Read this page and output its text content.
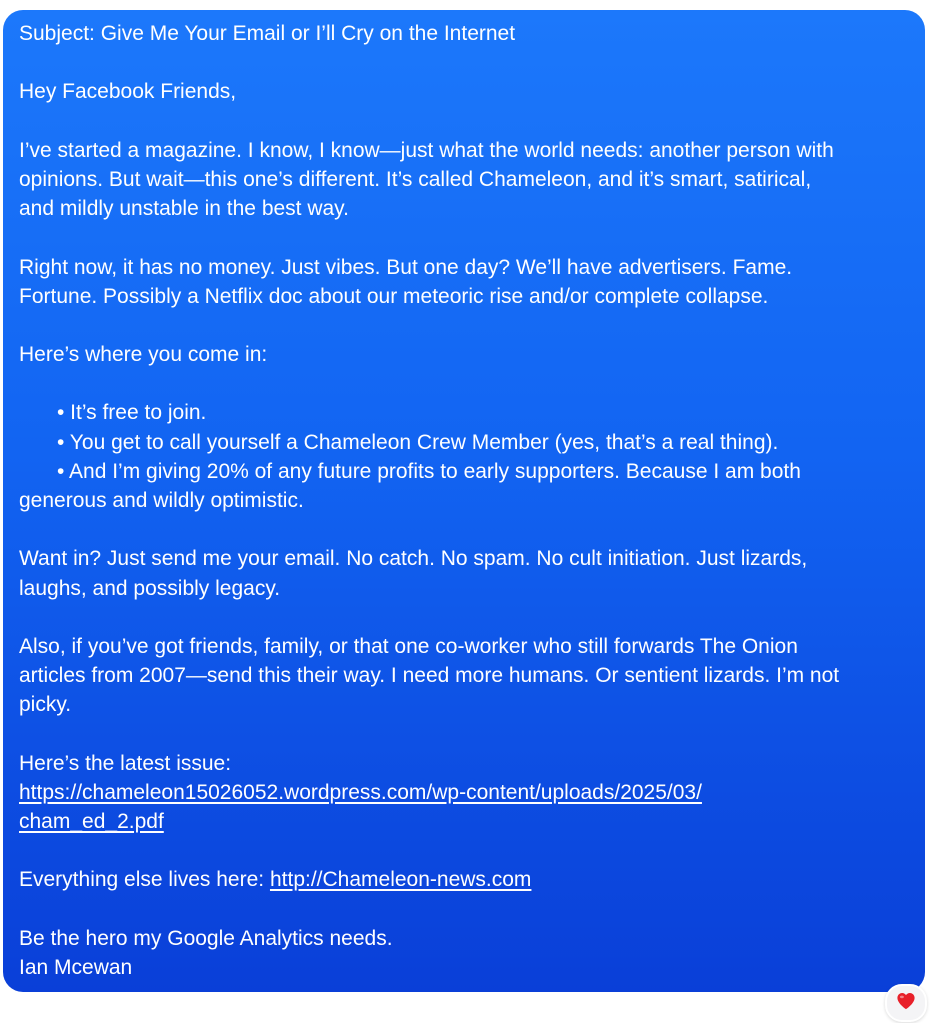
Subject: Give Me Your Email or I’ll Cry on the Internet
Hey Facebook Friends,
I’ve started a magazine. I know, I know—just what the world needs: another person with
opinions. But wait—this one’s different. It’s called Chameleon, and it’s smart, satirical,
and mildly unstable in the best way.
Right now, it has no money. Just vibes. But one day? We’ll have advertisers. Fame.
Fortune. Possibly a Netflix doc about our meteoric rise and/or complete collapse.
Here’s where you come in:
• It’s free to join.
• You get to call yourself a Chameleon Crew Member (yes, that’s a real thing).
• And I’m giving 20% of any future profits to early supporters. Because I am both
generous and wildly optimistic.
Want in? Just send me your email. No catch. No spam. No cult initiation. Just lizards,
laughs, and possibly legacy.
Also, if you’ve got friends, family, or that one co-worker who still forwards The Onion
articles from 2007—send this their way. I need more humans. Or sentient lizards. I’m not
picky.
Here’s the latest issue:
https://chameleon15026052.wordpress.com/wp-content/uploads/2025/03/
cham_ed_2.pdf
Everything else lives here: http://Chameleon-news.com
Be the hero my Google Analytics needs.
Ian Mcewan
